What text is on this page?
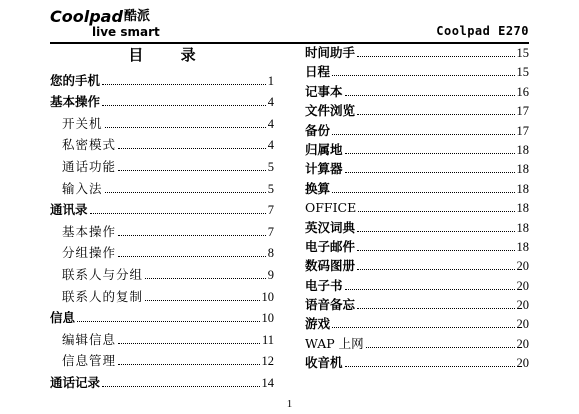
Coolpad 酷派
live smart	Coolpad E270
目 录
您的手机	1
基本操作	4
开关机	4
私密模式	4
通话功能	5
输入法	5
通讯录	7
基本操作	7
分组操作	8
联系人与分组	9
联系人的复制	10
信息	10
编辑信息	11
信息管理	12
通话记录	14
时间助手	15
日程	15
记事本	16
文件浏览	17
备份	17
归属地	18
计算器	18
换算	18
OFFICE	18
英汉词典	18
电子邮件	18
数码图册	20
电子书	20
语音备忘	20
游戏	20
WAP 上网	20
收音机	20
1
